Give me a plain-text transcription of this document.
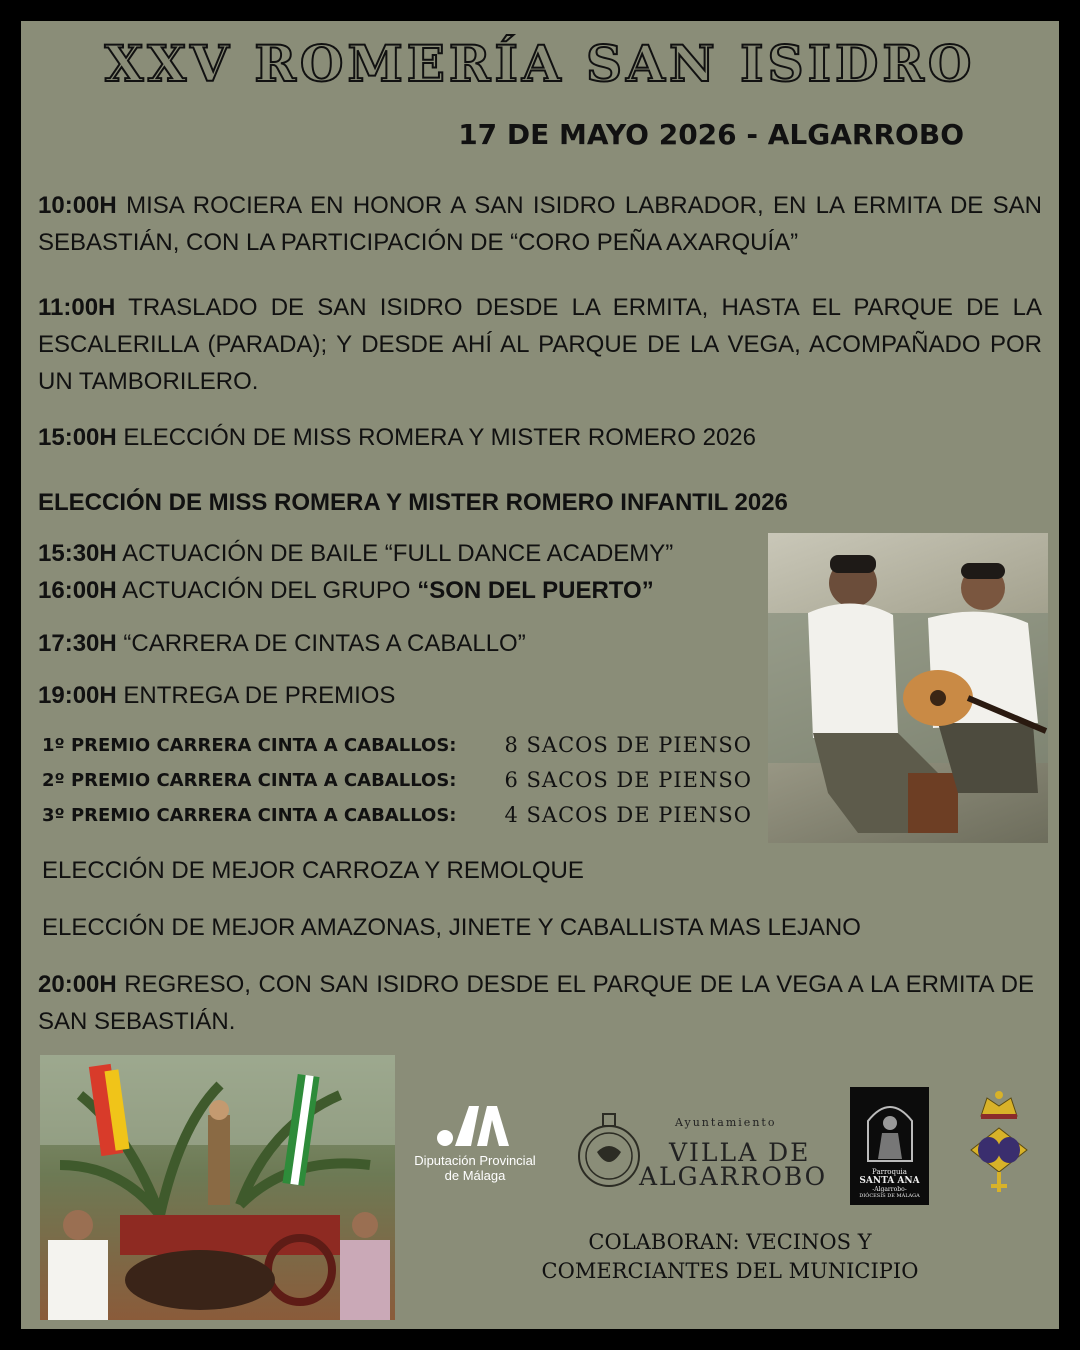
XXV ROMERÍA SAN ISIDRO
17 DE MAYO 2026 - ALGARROBO
10:00H MISA ROCIERA EN HONOR A SAN ISIDRO LABRADOR, EN LA ERMITA DE SAN SEBASTIÁN, CON LA PARTICIPACIÓN DE “CORO PEÑA AXARQUÍA”
11:00H TRASLADO DE SAN ISIDRO DESDE LA ERMITA, HASTA EL PARQUE DE LA ESCALERILLA (PARADA); Y DESDE AHÍ AL PARQUE DE LA VEGA, ACOMPAÑADO POR UN TAMBORILERO.
15:00H ELECCIÓN DE MISS ROMERA Y MISTER ROMERO 2026
ELECCIÓN DE MISS ROMERA Y MISTER ROMERO INFANTIL 2026
15:30H ACTUACIÓN DE BAILE “FULL DANCE ACADEMY”
16:00H ACTUACIÓN DEL GRUPO “SON DEL PUERTO”
17:30H “CARRERA DE CINTAS A CABALLO”
19:00H ENTREGA DE PREMIOS
1º PREMIO CARRERA CINTA A CABALLOS: 8 SACOS DE PIENSO
2º PREMIO CARRERA CINTA A CABALLOS: 6 SACOS DE PIENSO
3º PREMIO CARRERA CINTA A CABALLOS: 4 SACOS DE PIENSO
ELECCIÓN DE MEJOR CARROZA Y REMOLQUE
ELECCIÓN DE MEJOR AMAZONAS, JINETE Y CABALLISTA MAS LEJANO
20:00H REGRESO, CON SAN ISIDRO DESDE EL PARQUE DE LA VEGA A LA ERMITA DE SAN SEBASTIÁN.
Diputación Provincial
de Málaga
Ayuntamiento
VILLA DE
ALGARROBO	Parroquia
SANTA ANA
-Algarrobo-
DIÓCESIS DE MÁLAGA
COLABORAN: VECINOS Y
COMERCIANTES DEL MUNICIPIO
